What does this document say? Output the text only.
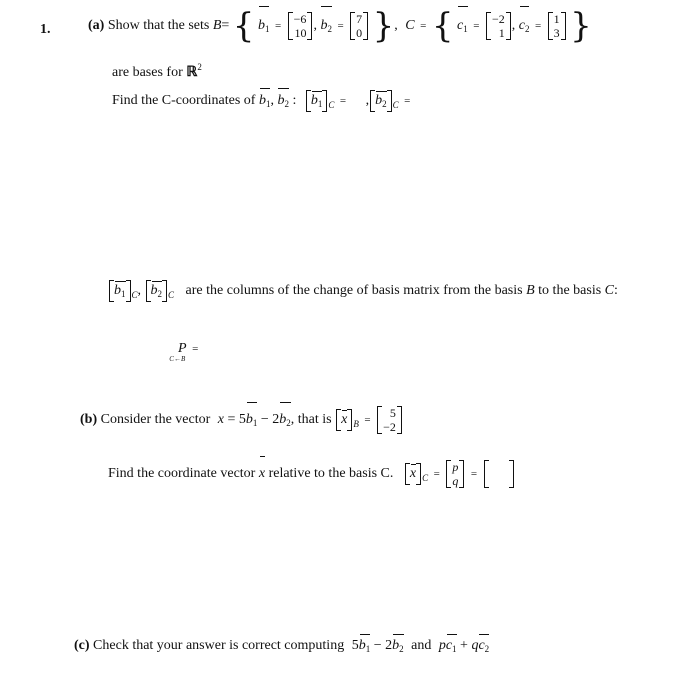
1.	(a) Show that the sets B= { $b_1 = -6$
10 , $b_2 = 7$
0 }, C = { $c_1 = -2$
1 , $c_2 = 1$
3 }
are bases for ℝ$^2$
Find the C-coordinates of $b_1$, $b_2$ : $b_1$ $_C$ = , $b_2$ $_C$ =
$b_1$ $_C$, $b_2$ $_C$ are the columns of the change of basis matrix from the basis B to the basis C:
P
C←B
=
(b) Consider the vector $x = 5b_1 - 2b_2$, that is x $_B$ =	5
−2
Find the coordinate vector x relative to the basis C. x $_C$ = p
q =
(c) Check that your answer is correct computing $5b_1 - 2b_2$ and $pc_1 + qc_2$
